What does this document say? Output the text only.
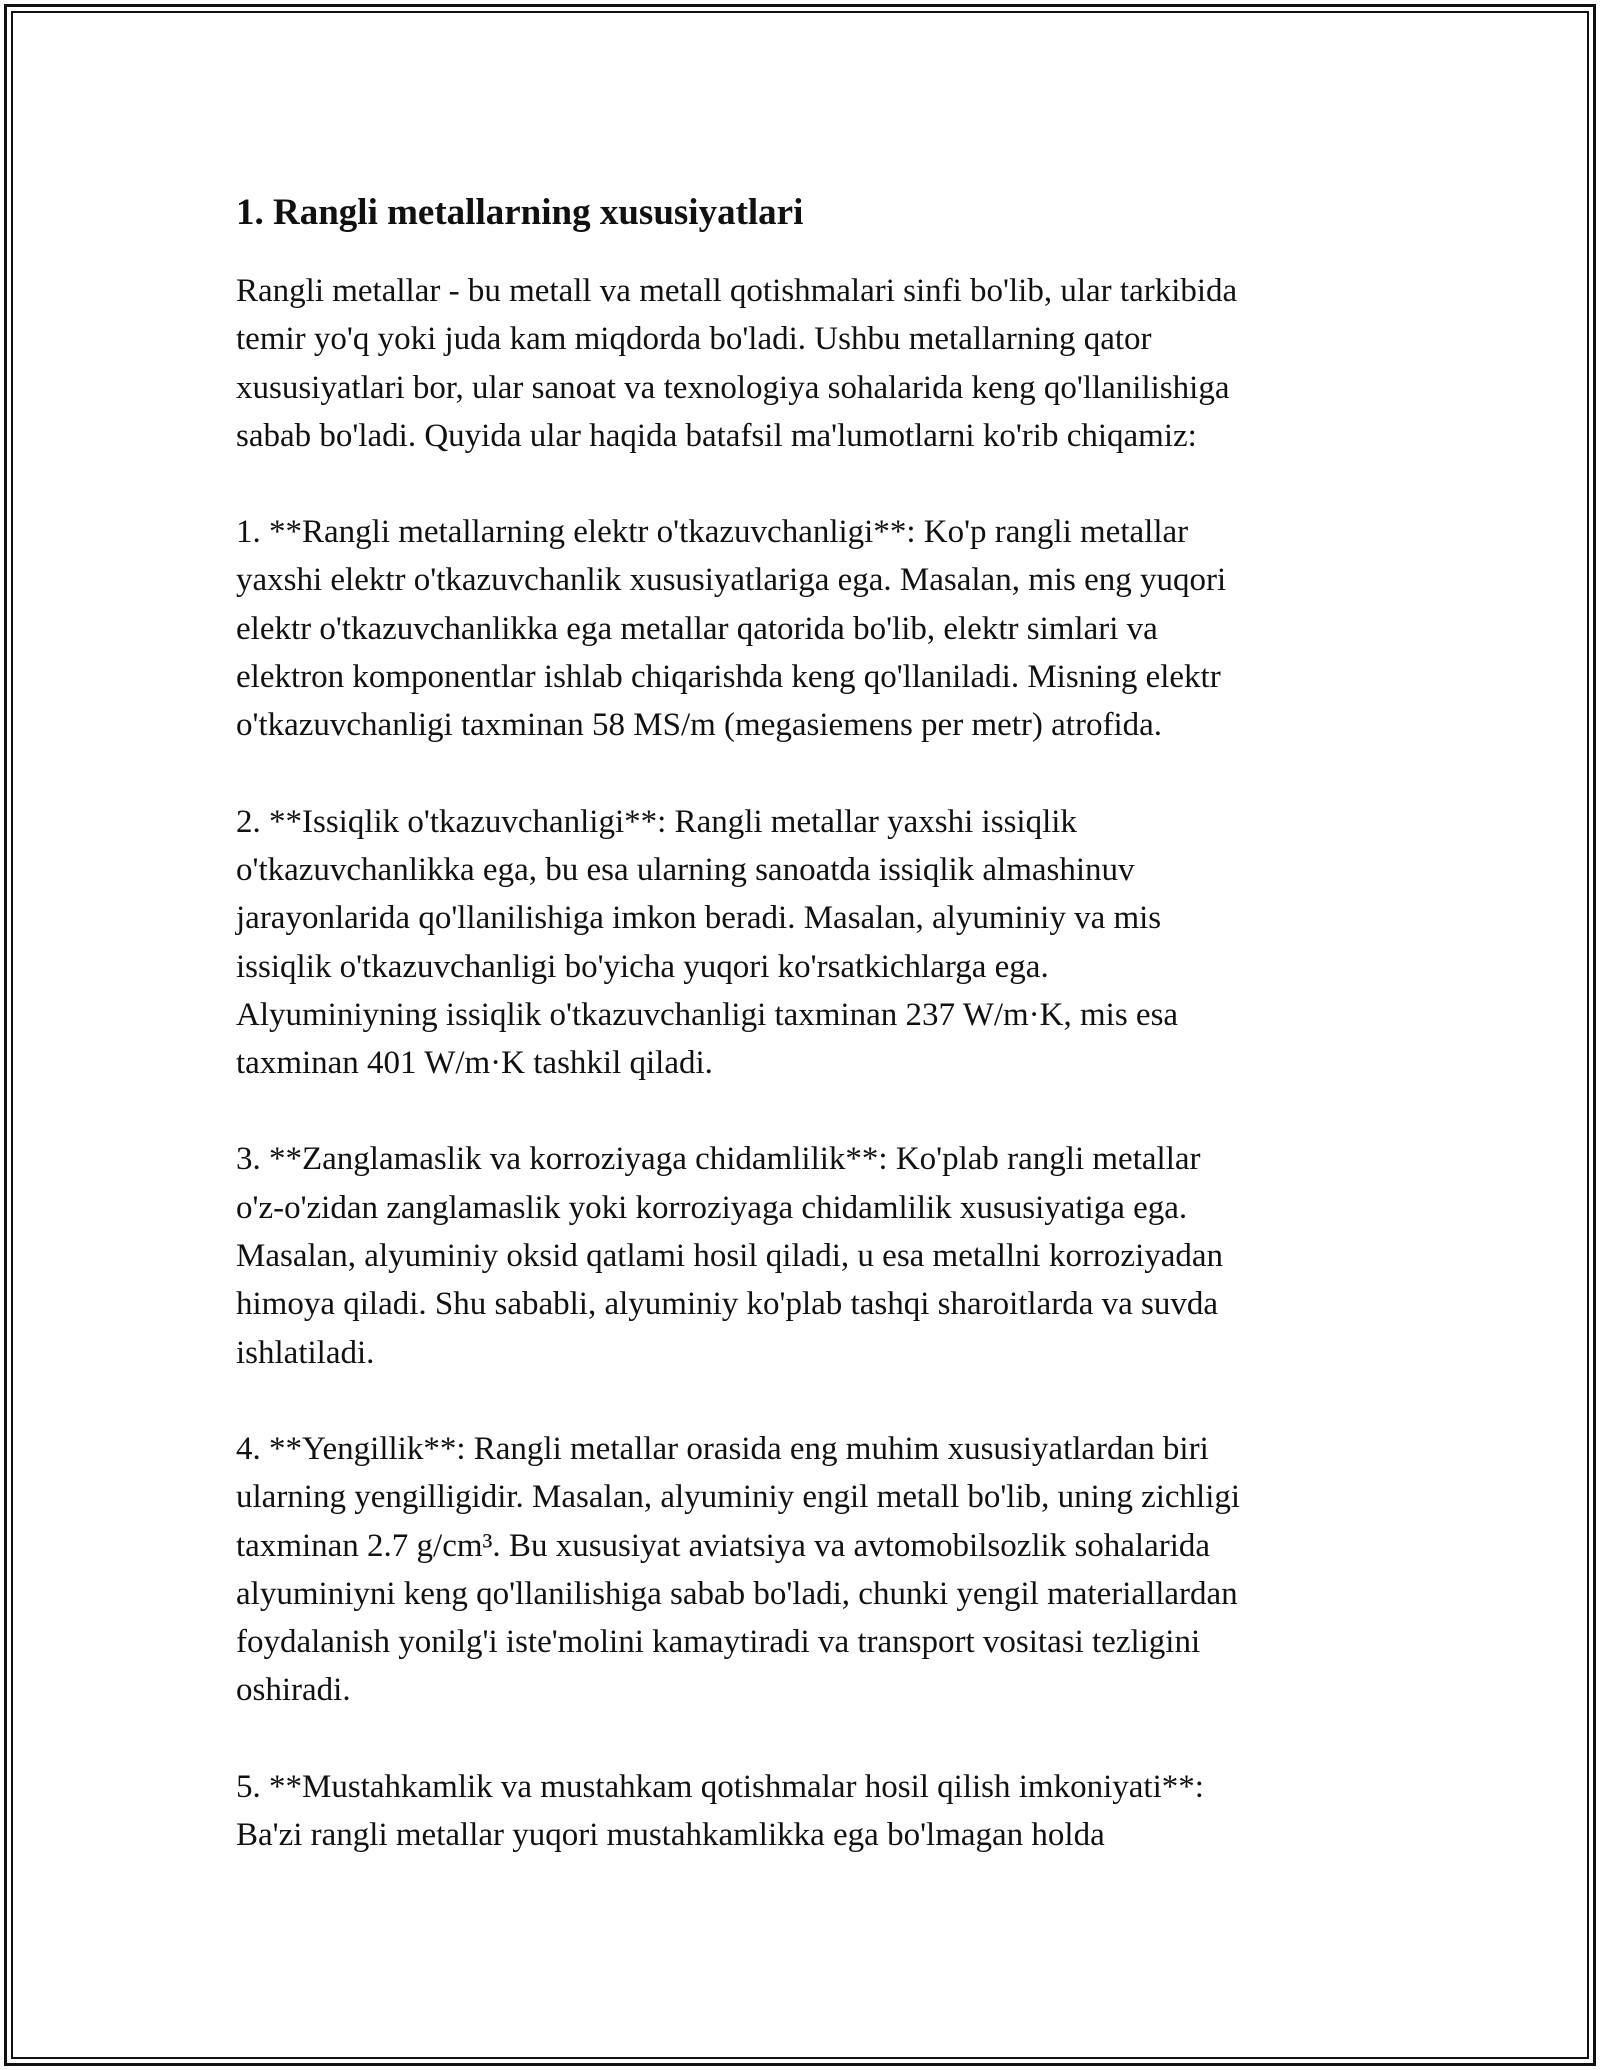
1. Rangli metallarning xususiyatlari

Rangli metallar - bu metall va metall qotishmalari sinfi bo'lib, ular tarkibida
temir yo'q yoki juda kam miqdorda bo'ladi. Ushbu metallarning qator
xususiyatlari bor, ular sanoat va texnologiya sohalarida keng qo'llanilishiga
sabab bo'ladi. Quyida ular haqida batafsil ma'lumotlarni ko'rib chiqamiz:

1. **Rangli metallarning elektr o'tkazuvchanligi**: Ko'p rangli metallar
yaxshi elektr o'tkazuvchanlik xususiyatlariga ega. Masalan, mis eng yuqori
elektr o'tkazuvchanlikka ega metallar qatorida bo'lib, elektr simlari va
elektron komponentlar ishlab chiqarishda keng qo'llaniladi. Misning elektr
o'tkazuvchanligi taxminan 58 MS/m (megasiemens per metr) atrofida.

2. **Issiqlik o'tkazuvchanligi**: Rangli metallar yaxshi issiqlik
o'tkazuvchanlikka ega, bu esa ularning sanoatda issiqlik almashinuv
jarayonlarida qo'llanilishiga imkon beradi. Masalan, alyuminiy va mis
issiqlik o'tkazuvchanligi bo'yicha yuqori ko'rsatkichlarga ega.
Alyuminiyning issiqlik o'tkazuvchanligi taxminan 237 W/m·K, mis esa
taxminan 401 W/m·K tashkil qiladi.

3. **Zanglamaslik va korroziyaga chidamlilik**: Ko'plab rangli metallar
o'z-o'zidan zanglamaslik yoki korroziyaga chidamlilik xususiyatiga ega.
Masalan, alyuminiy oksid qatlami hosil qiladi, u esa metallni korroziyadan
himoya qiladi. Shu sababli, alyuminiy ko'plab tashqi sharoitlarda va suvda
ishlatiladi.

4. **Yengillik**: Rangli metallar orasida eng muhim xususiyatlardan biri
ularning yengilligidir. Masalan, alyuminiy engil metall bo'lib, uning zichligi
taxminan 2.7 g/cm³. Bu xususiyat aviatsiya va avtomobilsozlik sohalarida
alyuminiyni keng qo'llanilishiga sabab bo'ladi, chunki yengil materiallardan
foydalanish yonilg'i iste'molini kamaytiradi va transport vositasi tezligini
oshiradi.

5. **Mustahkamlik va mustahkam qotishmalar hosil qilish imkoniyati**:
Ba'zi rangli metallar yuqori mustahkamlikka ega bo'lmagan holda
